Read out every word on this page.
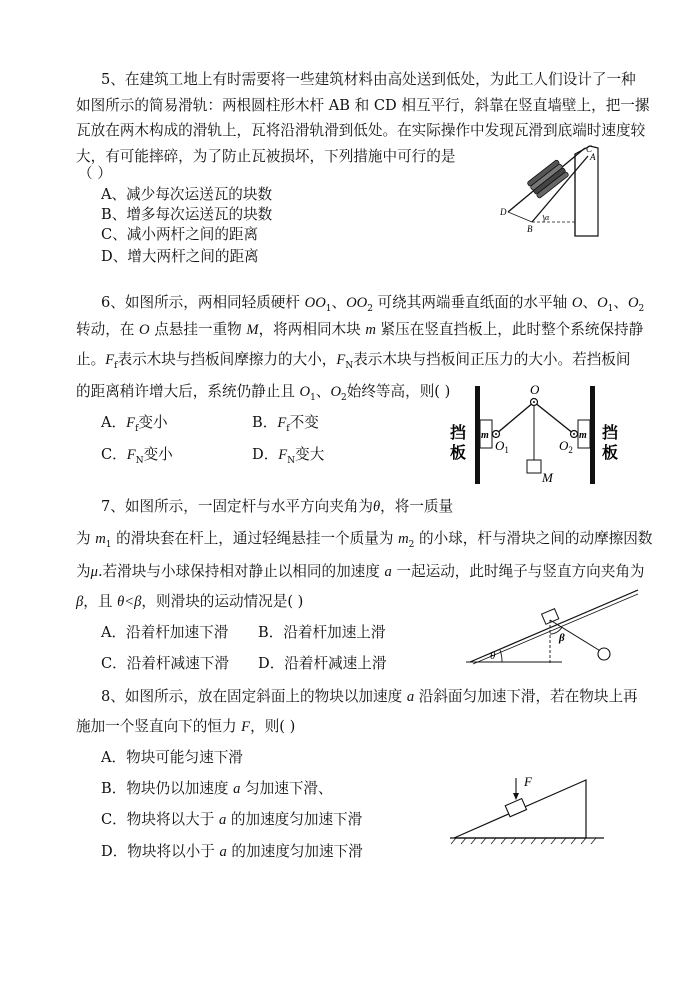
5、在建筑工地上有时需要将一些建筑材料由高处送到低处，为此工人们设计了一种
如图所示的简易滑轨：两根圆柱形木杆 AB 和 CD 相互平行，斜靠在竖直墙壁上，把一摞
瓦放在两木构成的滑轨上，瓦将沿滑轨滑到低处。在实际操作中发现瓦滑到底端时速度较
大，有可能摔碎，为了防止瓦被损坏，下列措施中可行的是
（ ）
A、减少每次运送瓦的块数
B、增多每次运送瓦的块数
C、减小两杆之间的距离
D、增大两杆之间的距离
C
A
D
B
α
6、如图所示，两相同轻质硬杆 $OO_1$、$OO_2$ 可绕其两端垂直纸面的水平轴 O、$O_1$、$O_2$
转动，在 O 点悬挂一重物 M，将两相同木块 m 紧压在竖直挡板上，此时整个系统保持静
止。$F_f$表示木块与挡板间摩擦力的大小，$F_N$表示木块与挡板间正压力的大小。若挡板间
的距离稍许增大后，系统仍静止且 $O_1$、$O_2$始终等高，则( )
A．$F_f$变小	B．$F_f$不变
C．$F_N$变小	D．$F_N$变大
挡
板
挡
板
m	m
M
O
$O_1$	$O_2$
7、如图所示，一固定杆与水平方向夹角为θ，将一质量
为 $m_1$ 的滑块套在杆上，通过轻绳悬挂一个质量为 $m_2$ 的小球，杆与滑块之间的动摩擦因数
为μ.若滑块与小球保持相对静止以相同的加速度 a 一起运动，此时绳子与竖直方向夹角为
β，且 θ<β，则滑块的运动情况是( )
A．沿着杆加速下滑 B．沿着杆加速上滑
C．沿着杆减速下滑 D．沿着杆减速上滑	θ
β
8、如图所示，放在固定斜面上的物块以加速度 a 沿斜面匀加速下滑，若在物块上再
施加一个竖直向下的恒力 F，则( )
A．物块可能匀速下滑
B．物块仍以加速度 a 匀加速下滑、
C．物块将以大于 a 的加速度匀加速下滑
D．物块将以小于 a 的加速度匀加速下滑
F
